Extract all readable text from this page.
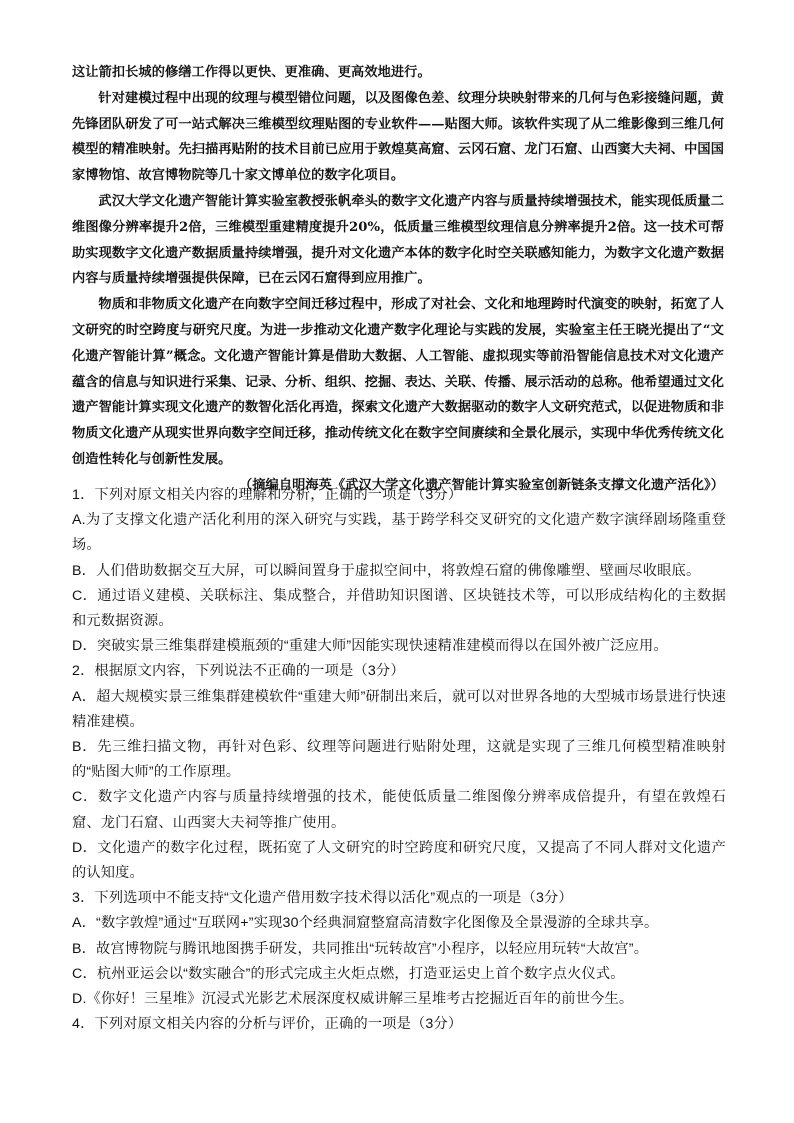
这让箭扣长城的修缮工作得以更快、更准确、更高效地进行。

针对建模过程中出现的纹理与模型错位问题，以及图像色差、纹理分块映射带来的几何与色彩接缝问题，黄先锋团队研发了可一站式解决三维模型纹理贴图的专业软件——贴图大师。该软件实现了从二维影像到三维几何模型的精准映射。先扫描再贴附的技术目前已应用于敦煌莫高窟、云冈石窟、龙门石窟、山西窦大夫祠、中国国家博物馆、故宫博物院等几十家文博单位的数字化项目。

武汉大学文化遗产智能计算实验室教授张帆牵头的数字文化遗产内容与质量持续增强技术，能实现低质量二维图像分辨率提升2倍，三维模型重建精度提升20%，低质量三维模型纹理信息分辨率提升2倍。这一技术可帮助实现数字文化遗产数据质量持续增强，提升对文化遗产本体的数字化时空关联感知能力，为数字文化遗产数据内容与质量持续增强提供保障，已在云冈石窟得到应用推广。

物质和非物质文化遗产在向数字空间迁移过程中，形成了对社会、文化和地理跨时代演变的映射，拓宽了人文研究的时空跨度与研究尺度。为进一步推动文化遗产数字化理论与实践的发展，实验室主任王晓光提出了“文化遗产智能计算”概念。文化遗产智能计算是借助大数据、人工智能、虚拟现实等前沿智能信息技术对文化遗产蕴含的信息与知识进行采集、记录、分析、组织、挖掘、表达、关联、传播、展示活动的总称。他希望通过文化遗产智能计算实现文化遗产的数智化活化再造，探索文化遗产大数据驱动的数字人文研究范式，以促进物质和非物质文化遗产从现实世界向数字空间迁移，推动传统文化在数字空间赓续和全景化展示，实现中华优秀传统文化创造性转化与创新性发展。

（摘编自明海英《武汉大学文化遗产智能计算实验室创新链条支撑文化遗产活化》）

1．下列对原文相关内容的理解和分析，正确的一项是（3分）

A.为了支撑文化遗产活化利用的深入研究与实践，基于跨学科交叉研究的文化遗产数字演绎剧场隆重登场。

B．人们借助数据交互大屏，可以瞬间置身于虚拟空间中，将敦煌石窟的佛像雕塑、壁画尽收眼底。

C．通过语义建模、关联标注、集成整合，并借助知识图谱、区块链技术等，可以形成结构化的主数据和元数据资源。

D．突破实景三维集群建模瓶颈的“重建大师”因能实现快速精准建模而得以在国外被广泛应用。

2．根据原文内容，下列说法不正确的一项是（3分）

A．超大规模实景三维集群建模软件“重建大师”研制出来后，就可以对世界各地的大型城市场景进行快速精准建模。

B．先三维扫描文物，再针对色彩、纹理等问题进行贴附处理，这就是实现了三维几何模型精准映射的“贴图大师”的工作原理。

C．数字文化遗产内容与质量持续增强的技术，能使低质量二维图像分辨率成倍提升，有望在敦煌石窟、龙门石窟、山西窦大夫祠等推广使用。

D．文化遗产的数字化过程，既拓宽了人文研究的时空跨度和研究尺度，又提高了不同人群对文化遗产的认知度。

3．下列选项中不能支持“文化遗产借用数字技术得以活化”观点的一项是（3分）

A．“数字敦煌”通过“互联网+”实现30个经典洞窟整窟高清数字化图像及全景漫游的全球共享。

B．故宫博物院与腾讯地图携手研发，共同推出“玩转故宫”小程序，以轻应用玩转“大故宫”。

C．杭州亚运会以“数实融合”的形式完成主火炬点燃，打造亚运史上首个数字点火仪式。

D.《你好！三星堆》沉浸式光影艺术展深度权威讲解三星堆考古挖掘近百年的前世今生。

4．下列对原文相关内容的分析与评价，正确的一项是（3分）
